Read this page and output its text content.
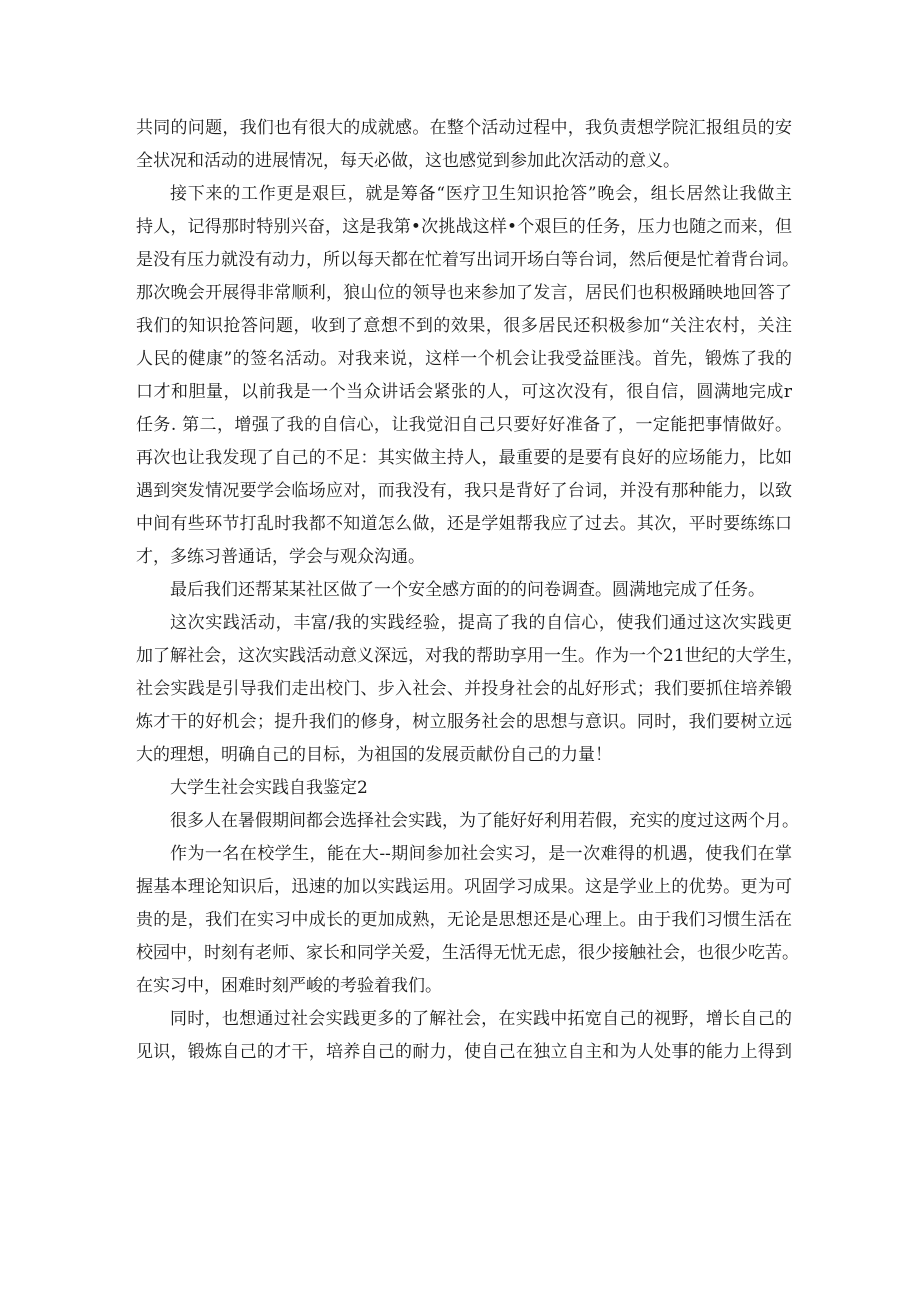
共同的问题，我们也有很大的成就感。在整个活动过程中，我负责想学院汇报组员的安
全状况和活动的进展情况，每天必做，这也感觉到参加此次活动的意义。
接下来的工作更是艰巨，就是筹备“医疗卫生知识抢答”晚会，组长居然让我做主
持人，记得那时特别兴奋，这是我第•次挑战这样•个艰巨的任务，压力也随之而来，但
是没有压力就没有动力，所以每天都在忙着写出词开场白等台词，然后便是忙着背台词。
那次晚会开展得非常顺利，狼山位的领导也来参加了发言，居民们也积极踊映地回答了
我们的知识抢答问题，收到了意想不到的效果，很多居民还积极参加“关注农村，关注
人民的健康”的签名活动。对我来说，这样一个机会让我受益匪浅。首先，锻炼了我的
口才和胆量，以前我是一个当众讲话会紧张的人，可这次没有，很自信，圆满地完成r
任务. 第二，增强了我的自信心，让我觉汨自己只要好好准备了，一定能把事情做好。
再次也让我发现了自己的不足：其实做主持人，最重要的是要有良好的应场能力，比如
遇到突发情况要学会临场应对，而我没有，我只是背好了台词，并没有那种能力，以致
中间有些环节打乱时我都不知道怎么做，还是学姐帮我应了过去。其次，平时要练练口
才，多练习普通话，学会与观众沟通。
最后我们还帮某某社区做了一个安全感方面的的问卷调查。圆满地完成了任务。
这次实践活动，丰富/我的实践经验，提高了我的自信心，使我们通过这次实践更
加了解社会，这次实践活动意义深远，对我的帮助享用一生。作为一个21世纪的大学生，
社会实践是引导我们走出校门、步入社会、并投身社会的乩好形式；我们要抓住培养锻
炼才干的好机会；提升我们的修身，树立服务社会的思想与意识。同时，我们要树立远
大的理想，明确自己的目标，为祖国的发展贡献份自己的力量！
大学生社会实践自我鉴定2
很多人在暑假期间都会选择社会实践，为了能好好利用若假，充实的度过这两个月。
作为一名在校学生，能在大--期间参加社会实习，是一次难得的机遇，使我们在掌
握基本理论知识后，迅速的加以实践运用。巩固学习成果。这是学业上的优势。更为可
贵的是，我们在实习中成长的更加成熟，无论是思想还是心理上。由于我们习惯生活在
校园中，时刻有老师、家长和同学关爱，生活得无忧无虑，很少接触社会，也很少吃苦。
在实习中，困难时刻严峻的考验着我们。
同时，也想通过社会实践更多的了解社会，在实践中拓宽自己的视野，增长自己的
见识，锻炼自己的才干，培养自己的耐力，使自己在独立自主和为人处事的能力上得到
